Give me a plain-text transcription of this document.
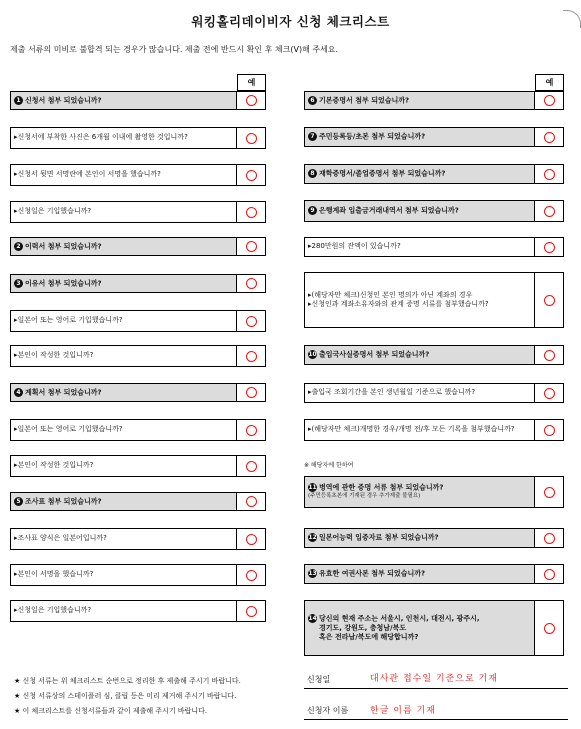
워킹홀리데이비자 신청 체크리스트
제출 서류의 미비로 불합격 되는 경우가 많습니다. 제출 전에 반드시 확인 후 체크(V)해 주세요.
예	예
1 신청서 첨부 되었습니까?
▸신청서에 부착한 사진은 6개월 이내에 촬영한 것입니까?
▸신청서 뒷면 서명란에 본인이 서명을 했습니까?
▸신청일은 기입했습니까?
2 이력서 첨부 되었습니까?
3 이유서 첨부 되었습니까?
▸일본어 또는 영어로 기입했습니까?
▸본인이 작성한 것입니까?
4 계획서 첨부 되었습니까?
▸일본어 또는 영어로 기입했습니까?
▸본인이 작성한 것입니까?
5 조사표 첨부 되었습니까?
▸조사표 양식은 일본어입니까?
▸본인이 서명을 했습니까?
▸신청일은 기입했습니까?
6 기본증명서 첨부 되었습니까?
7 주민등록등/초본 첨부 되었습니까?
8 재학증명서/졸업증명서 첨부 되었습니까?
9 은행계좌 입출금거래내역서 첨부 되었습니까?
▸280만원의 잔액이 있습니까?
▸(해당자만 체크)신청인 본인 명의가 아닌 계좌의 경우
▸신청인과 계좌소유자와의 관계 증명 서류를 첨부했습니까?
10 출입국사실증명서 첨부 되었습니까?
▸출입국 조회기간을 본인 생년월일 기준으로 했습니까?
▸(해당자만 체크)개명한 경우/개명 전/후 모든 기록을 첨부했습니까?
※ 해당자에 한하여
11 병역에 관한 증명 서류 첨부 되었습니까?
(주민등록초본에 기재된 경우 추가제출 불필요)
12 일본어능력 입증자료 첨부 되었습니까?
13 유효한 여권사본 첨부 되었습니까?
14 당신의 현재 주소는 서울시, 인천시, 대전시, 광주시,
경기도, 강원도, 충청남/북도
혹은 전라남/북도에 해당합니까?
★ 신청 서류는 위 체크리스트 순번으로 정리한 후 제출해 주시기 바랍니다.
★ 신청 서류상의 스테이플러 심, 클립 등은 미리 제거해 주시기 바랍니다.
★ 이 체크리스트를 신청서류들과 같이 제출해 주시기 바랍니다.
신청일	대사관 접수일 기준으로 기재
신청자 이름 한글 이름 기재
